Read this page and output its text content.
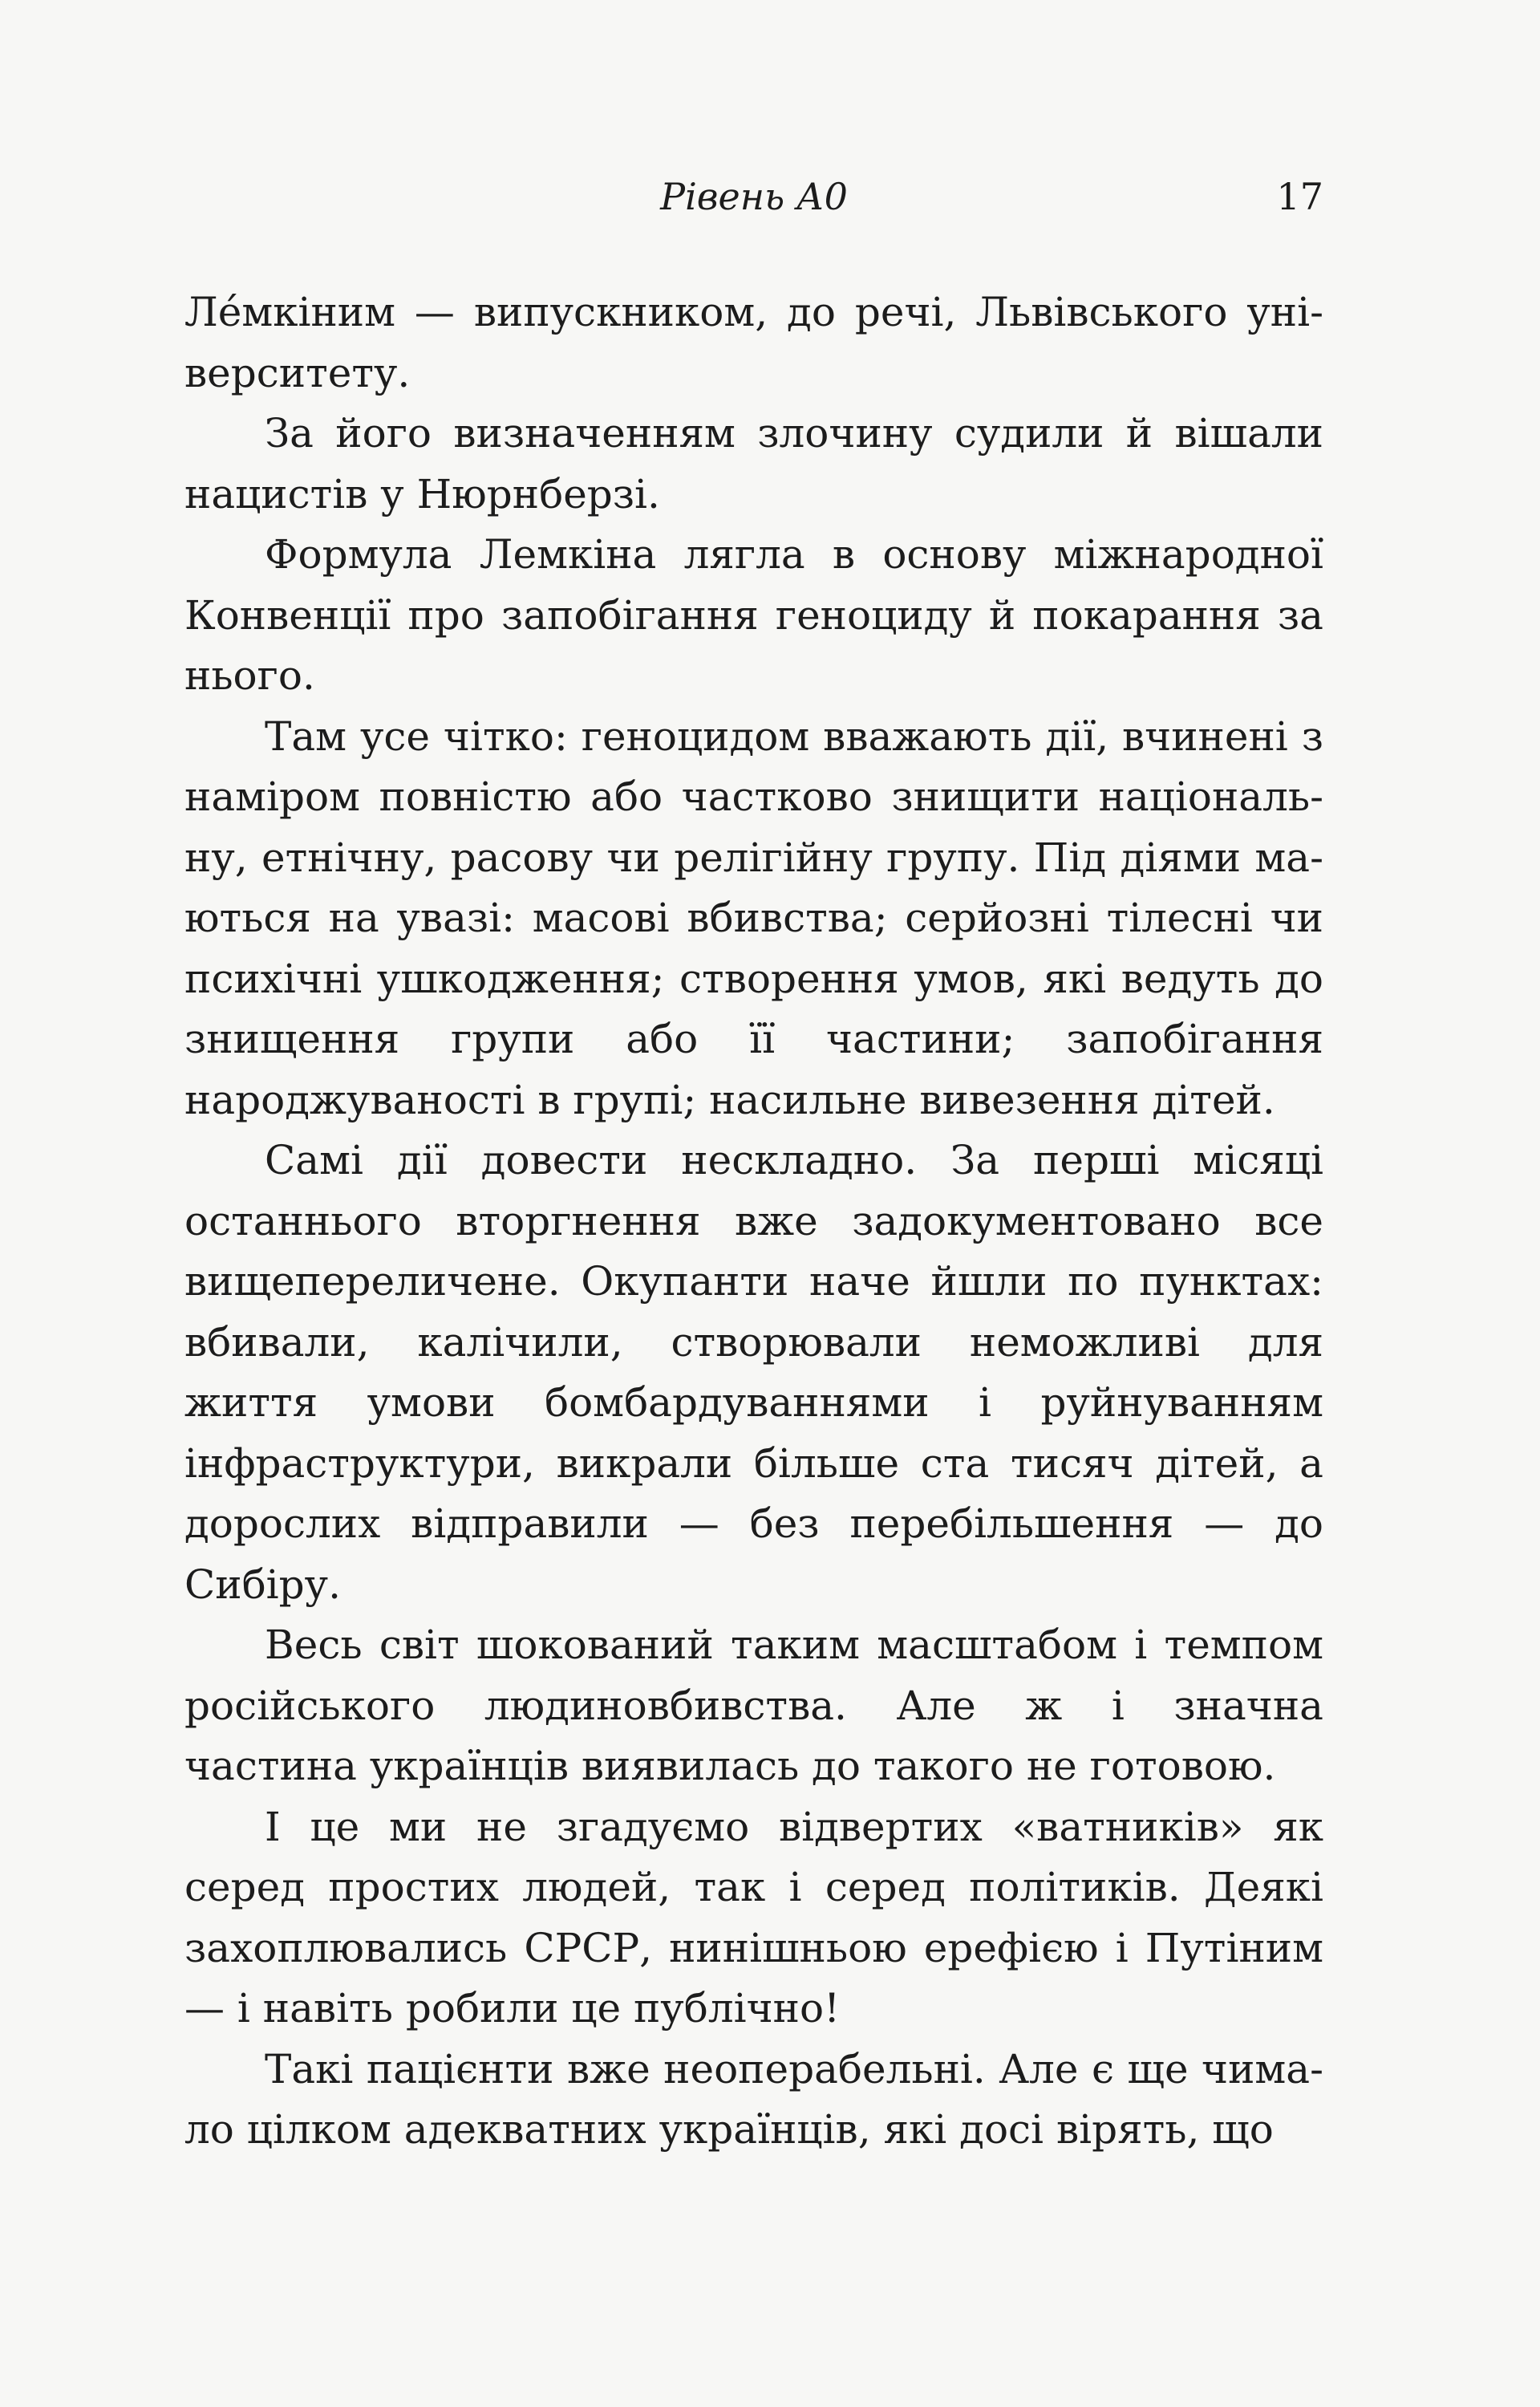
Рівень А0	17

Лéмкіним — випускником, до речі, Львівського університету.

За його визначенням злочину судили й вішали нацистів у Нюрнберзі.

Формула Лемкіна лягла в основу міжнародної Конвенції про запобігання геноциду й покарання за нього.

Там усе чітко: геноцидом вважають дії, вчинені з наміром повністю або частково знищити національну, етнічну, расову чи релігійну групу. Під діями маються на увазі: масові вбивства; серйозні тілесні чи психічні ушкодження; створення умов, які ведуть до знищення групи або її частини; запобігання народжуваності в групі; насильне вивезення дітей.

Самі дії довести нескладно. За перші місяці останнього вторгнення вже задокументовано все вищепереличене. Окупанти наче йшли по пунктах: вбивали, калічили, створювали неможливі для життя умови бомбардуваннями і руйнуванням інфраструктури, викрали більше ста тисяч дітей, а дорослих відправили — без перебільшення — до Сибіру.

Весь світ шокований таким масштабом і темпом російського людиновбивства. Але ж і значна частина українців виявилась до такого не готовою.

І це ми не згадуємо відвертих «ватників» як серед простих людей, так і серед політиків. Деякі захоплювались СРСР, нинішньою ерефією і Путіним — і навіть робили це публічно!

Такі пацієнти вже неоперабельні. Але є ще чимало цілком адекватних українців, які досі вірять, що
